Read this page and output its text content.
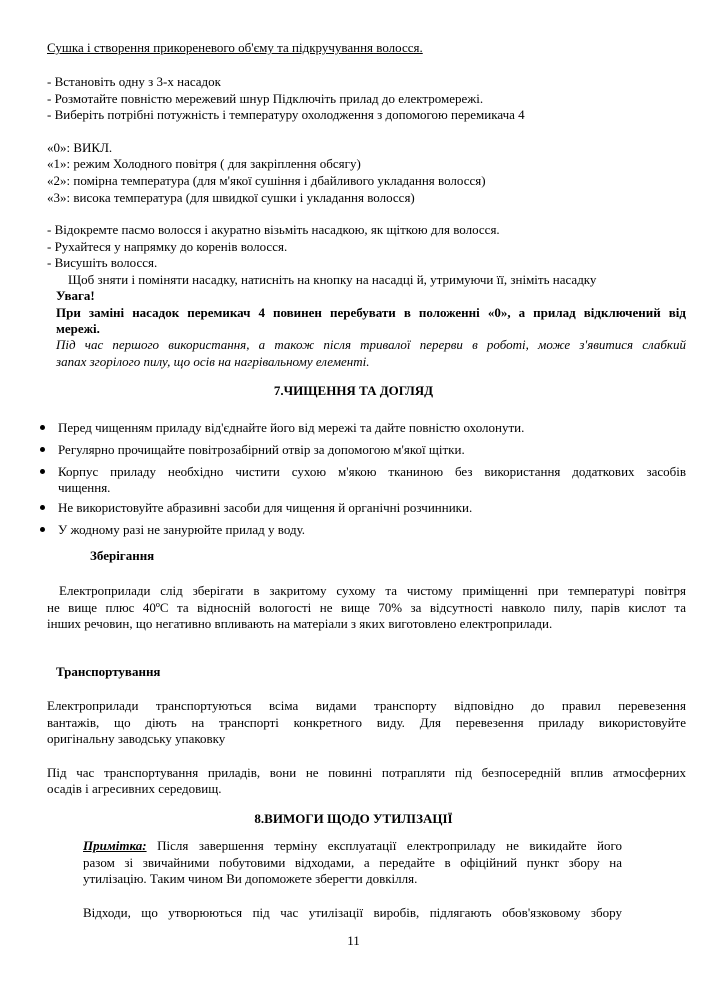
Сушка і створення прикореневого об'єму та підкручування волосся.
- Встановіть одну з 3-х насадок
- Розмотайте повністю мережевий шнур Підключіть прилад до електромережі.
- Виберіть потрібні потужність і температуру охолодження з допомогою перемикача 4
«0»: ВИКЛ.
«1»: режим Холодного повітря ( для закріплення обсягу)
«2»: помірна температура (для м'якої сушіння і дбайливого укладання волосся)
«3»: висока температура (для швидкої сушки і укладання волосся)
- Відокремте пасмо волосся і акуратно візьміть насадкою, як щіткою для волосся.
- Рухайтеся у напрямку до коренів волосся.
- Висушіть волосся.
Щоб зняти і поміняти насадку, натисніть на кнопку на насадці й, утримуючи її, зніміть насадку
Увага!
При заміні насадок перемикач 4 повинен перебувати в положенні «0», а прилад відключений від
мережі.
Під час першого використання, а також після тривалої перерви в роботі, може з'явитися слабкий
запах згорілого пилу, що осів на нагрівальному елементі.
7.ЧИЩЕННЯ ТА ДОГЛЯД
Перед чищенням приладу від'єднайте його від мережі та дайте повністю охолонути.
Регулярно прочищайте повітрозабірний отвір за допомогою м'якої щітки.
Корпус приладу необхідно чистити сухою м'якою тканиною без використання додаткових засобів
чищення.
Не використовуйте абразивні засоби для чищення й органічні розчинники.
У жодному разі не занурюйте прилад у воду.
Зберігання
Електроприлади слід зберігати в закритому сухому та чистому приміщенні при температурі повітря
не вище плюс 40ºС та відносній вологості не вище 70% за відсутності навколо пилу, парів кислот та
інших речовин, що негативно впливають на матеріали з яких виготовлено електроприлади.
Транспортування
Електроприлади транспортуються всіма видами транспорту відповідно до правил перевезення
вантажів, що діють на транспорті конкретного виду. Для перевезення приладу використовуйте
оригінальну заводську упаковку
Під час транспортування приладів, вони не повинні потрапляти під безпосередній вплив атмосферних
осадів і агресивних середовищ.
8.ВИМОГИ ЩОДО УТИЛІЗАЦІЇ
Примітка: Після завершення терміну експлуатації електроприладу не викидайте його
разом зі звичайними побутовими відходами, а передайте в офіційний пункт збору на
утилізацію. Таким чином Ви допоможете зберегти довкілля.
Відходи, що утворюються під час утилізації виробів, підлягають обов'язковому збору
11
